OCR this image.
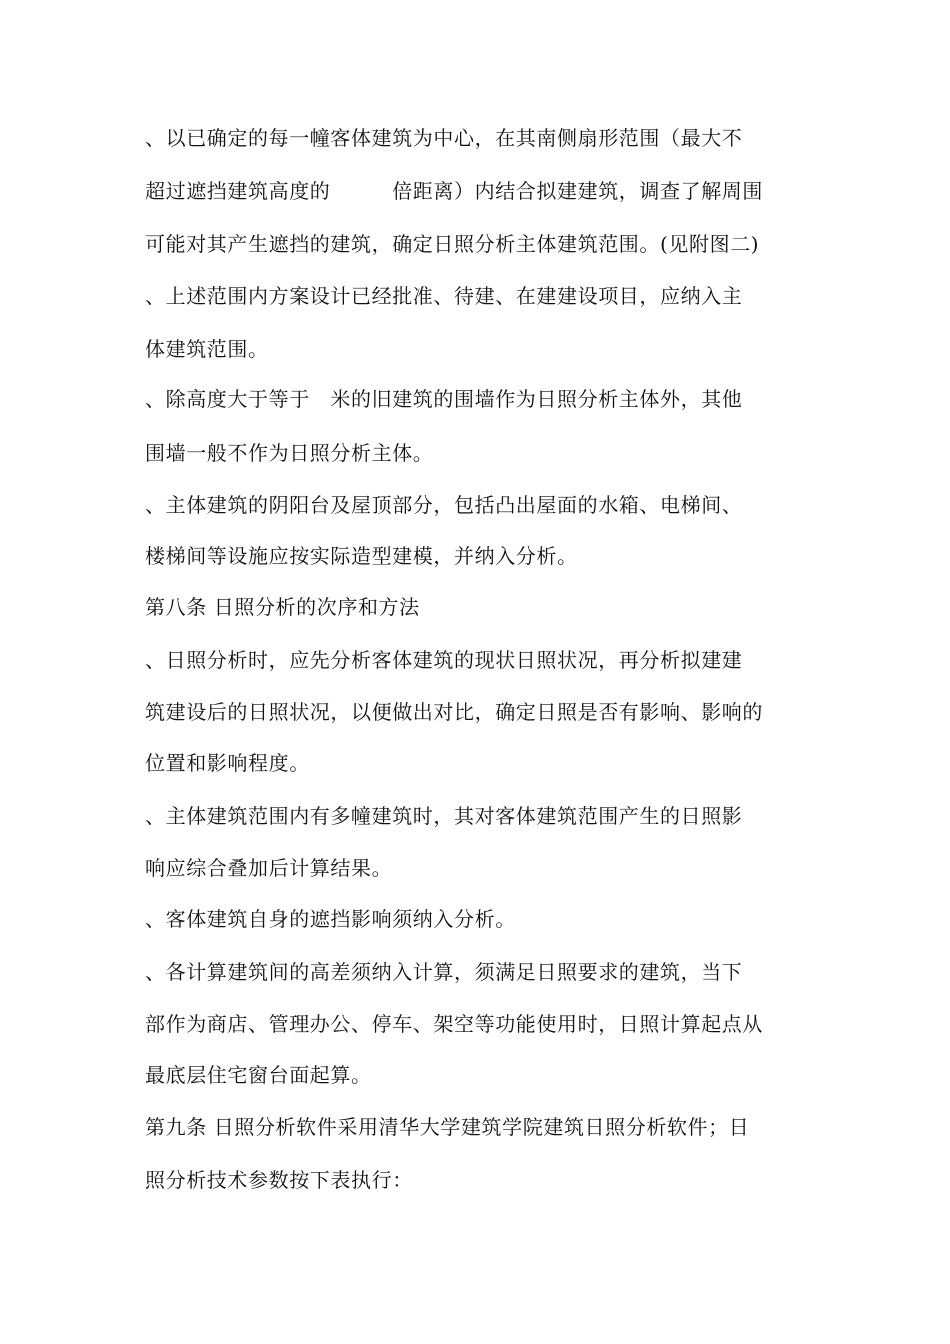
、以已确定的每一幢客体建筑为中心，在其南侧扇形范围（最大不
超过遮挡建筑高度的　　　倍距离）内结合拟建建筑，调查了解周围
可能对其产生遮挡的建筑，确定日照分析主体建筑范围。(见附图二)
、上述范围内方案设计已经批准、待建、在建建设项目，应纳入主
体建筑范围。
、除高度大于等于　米的旧建筑的围墙作为日照分析主体外，其他
围墙一般不作为日照分析主体。
、主体建筑的阴阳台及屋顶部分，包括凸出屋面的水箱、电梯间、
楼梯间等设施应按实际造型建模，并纳入分析。
第八条 日照分析的次序和方法
、日照分析时，应先分析客体建筑的现状日照状况，再分析拟建建
筑建设后的日照状况，以便做出对比，确定日照是否有影响、影响的
位置和影响程度。
、主体建筑范围内有多幢建筑时，其对客体建筑范围产生的日照影
响应综合叠加后计算结果。
、客体建筑自身的遮挡影响须纳入分析。
、各计算建筑间的高差须纳入计算，须满足日照要求的建筑，当下
部作为商店、管理办公、停车、架空等功能使用时，日照计算起点从
最底层住宅窗台面起算。
第九条 日照分析软件采用清华大学建筑学院建筑日照分析软件；日
照分析技术参数按下表执行：
